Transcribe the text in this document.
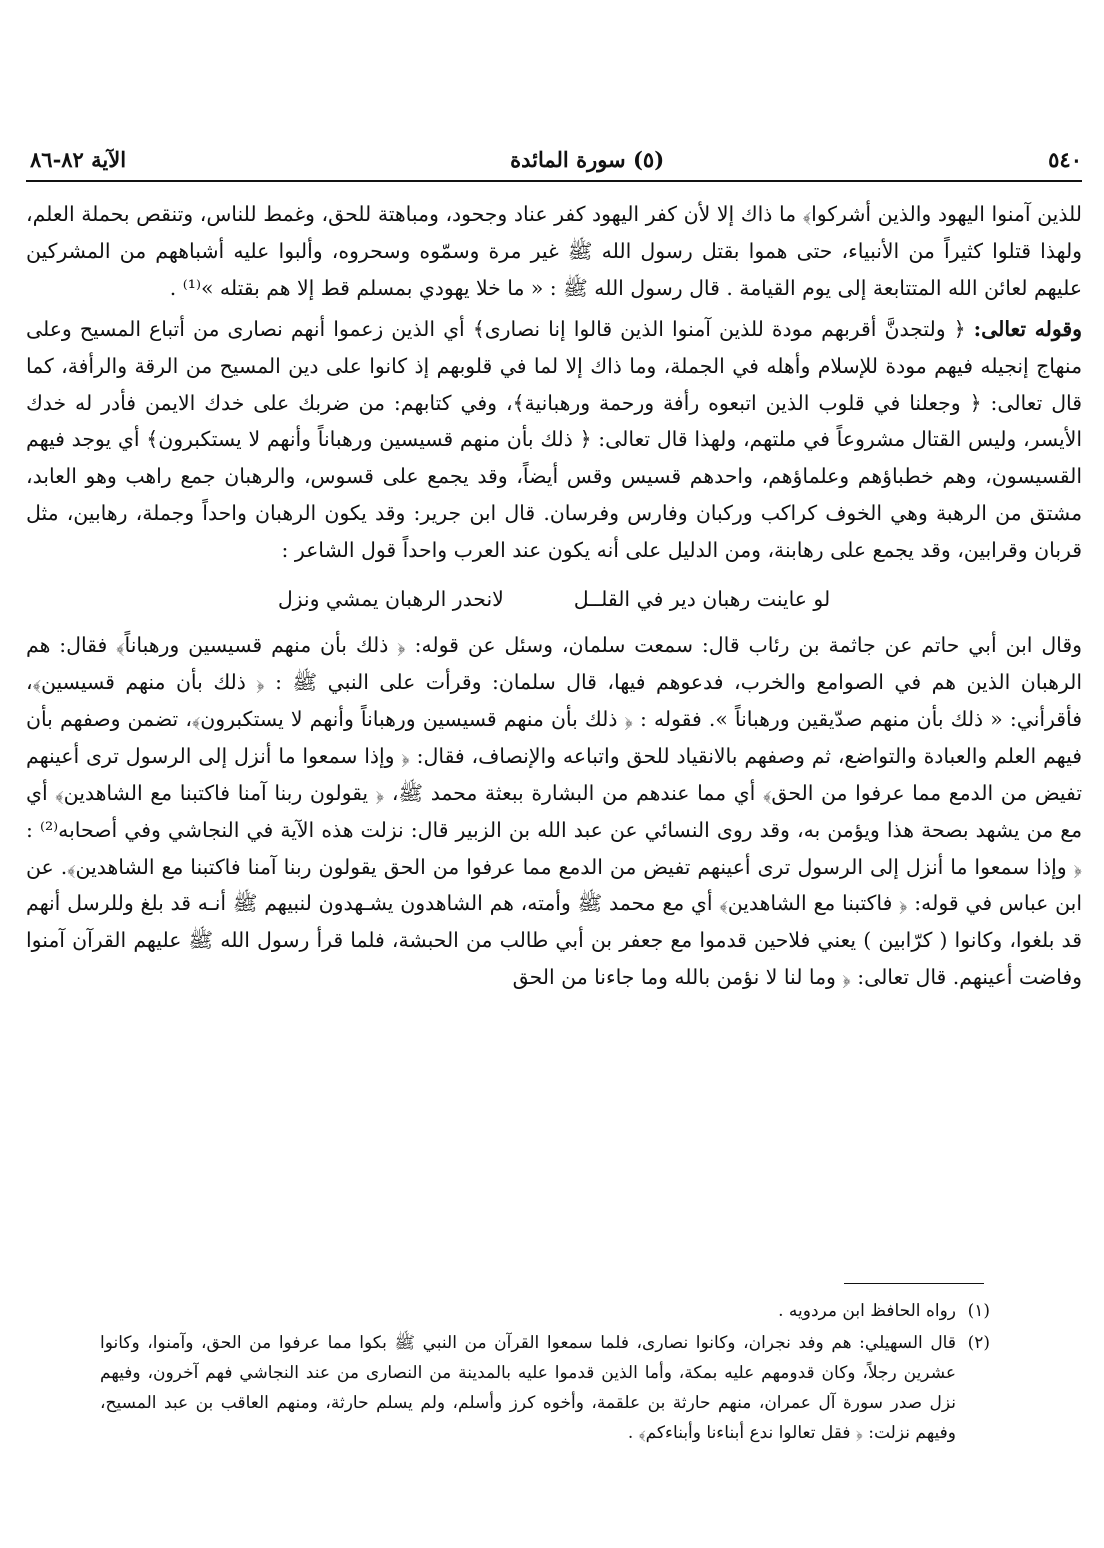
٥٤٠
(٥) سورة المائدة
الآية ٨٢-٨٦

للذين آمنوا اليهود والذين أشركوا﴾ ما ذاك إلا لأن كفر اليهود كفر عناد وجحود، ومباهتة للحق، وغمط للناس، وتنقص بحملة العلم، ولهذا قتلوا كثيراً من الأنبياء، حتى هموا بقتل رسول الله ﷺ غير مرة وسمّوه وسحروه، وألبوا عليه أشباههم من المشركين عليهم لعائن الله المتتابعة إلى يوم القيامة . قال رسول الله ﷺ : « ما خلا يهودي بمسلم قط إلا هم بقتله »⁽¹⁾ .

وقوله تعالى: ﴿ ولتجدنَّ أقربهم مودة للذين آمنوا الذين قالوا إنا نصارى﴾ أي الذين زعموا أنهم نصارى من أتباع المسيح وعلى منهاج إنجيله فيهم مودة للإسلام وأهله في الجملة، وما ذاك إلا لما في قلوبهم إذ كانوا على دين المسيح من الرقة والرأفة، كما قال تعالى: ﴿ وجعلنا في قلوب الذين اتبعوه رأفة ورحمة ورهبانية﴾، وفي كتابهم: من ضربك على خدك الايمن فأدر له خدك الأيسر، وليس القتال مشروعاً في ملتهم، ولهذا قال تعالى: ﴿ ذلك بأن منهم قسيسين ورهباناً وأنهم لا يستكبرون﴾ أي يوجد فيهم القسيسون، وهم خطباؤهم وعلماؤهم، واحدهم قسيس وقس أيضاً، وقد يجمع على قسوس، والرهبان جمع راهب وهو العابد، مشتق من الرهبة وهي الخوف كراكب وركبان وفارس وفرسان. قال ابن جرير: وقد يكون الرهبان واحداً وجملة، رهابين، مثل قربان وقرابين، وقد يجمع على رهابنة، ومن الدليل على أنه يكون عند العرب واحداً قول الشاعر :

لو عاينت رهبان دير في القلــل
لانحدر الرهبان يمشي ونزل

وقال ابن أبي حاتم عن جاثمة بن رئاب قال: سمعت سلمان، وسئل عن قوله: ﴿ ذلك بأن منهم قسيسين ورهباناً﴾ فقال: هم الرهبان الذين هم في الصوامع والخرب، فدعوهم فيها، قال سلمان: وقرأت على النبي ﷺ : ﴿ ذلك بأن منهم قسيسين﴾، فأقرأني: « ذلك بأن منهم صدّيقين ورهباناً ». فقوله : ﴿ ذلك بأن منهم قسيسين ورهباناً وأنهم لا يستكبرون﴾، تضمن وصفهم بأن فيهم العلم والعبادة والتواضع، ثم وصفهم بالانقياد للحق واتباعه والإنصاف، فقال: ﴿ وإذا سمعوا ما أنزل إلى الرسول ترى أعينهم تفيض من الدمع مما عرفوا من الحق﴾ أي مما عندهم من البشارة ببعثة محمد ﷺ، ﴿ يقولون ربنا آمنا فاكتبنا مع الشاهدين﴾ أي مع من يشهد بصحة هذا ويؤمن به، وقد روى النسائي عن عبد الله بن الزبير قال: نزلت هذه الآية في النجاشي وفي أصحابه⁽²⁾ : ﴿ وإذا سمعوا ما أنزل إلى الرسول ترى أعينهم تفيض من الدمع مما عرفوا من الحق يقولون ربنا آمنا فاكتبنا مع الشاهدين﴾. عن ابن عباس في قوله: ﴿ فاكتبنا مع الشاهدين﴾ أي مع محمد ﷺ وأمته، هم الشاهدون يشـهدون لنبيهم ﷺ أنـه قد بلغ وللرسل أنهم قد بلغوا، وكانوا ( كرّابين ) يعني فلاحين قدموا مع جعفر بن أبي طالب من الحبشة، فلما قرأ رسول الله ﷺ عليهم القرآن آمنوا وفاضت أعينهم. قال تعالى: ﴿ وما لنا لا نؤمن بالله وما جاءنا من الحق

(١)
رواه الحافظ ابن مردويه .
(٢)
قال السهيلي: هم وفد نجران، وكانوا نصارى، فلما سمعوا القرآن من النبي ﷺ بكوا مما عرفوا من الحق، وآمنوا، وكانوا عشرين رجلاً، وكان قدومهم عليه بمكة، وأما الذين قدموا عليه بالمدينة من النصارى من عند النجاشي فهم آخرون، وفيهم نزل صدر سورة آل عمران، منهم حارثة بن علقمة، وأخوه كرز وأسلم، ولم يسلم حارثة، ومنهم العاقب بن عبد المسيح، وفيهم نزلت: ﴿ فقل تعالوا ندع أبناءنا وأبناءكم﴾ .
